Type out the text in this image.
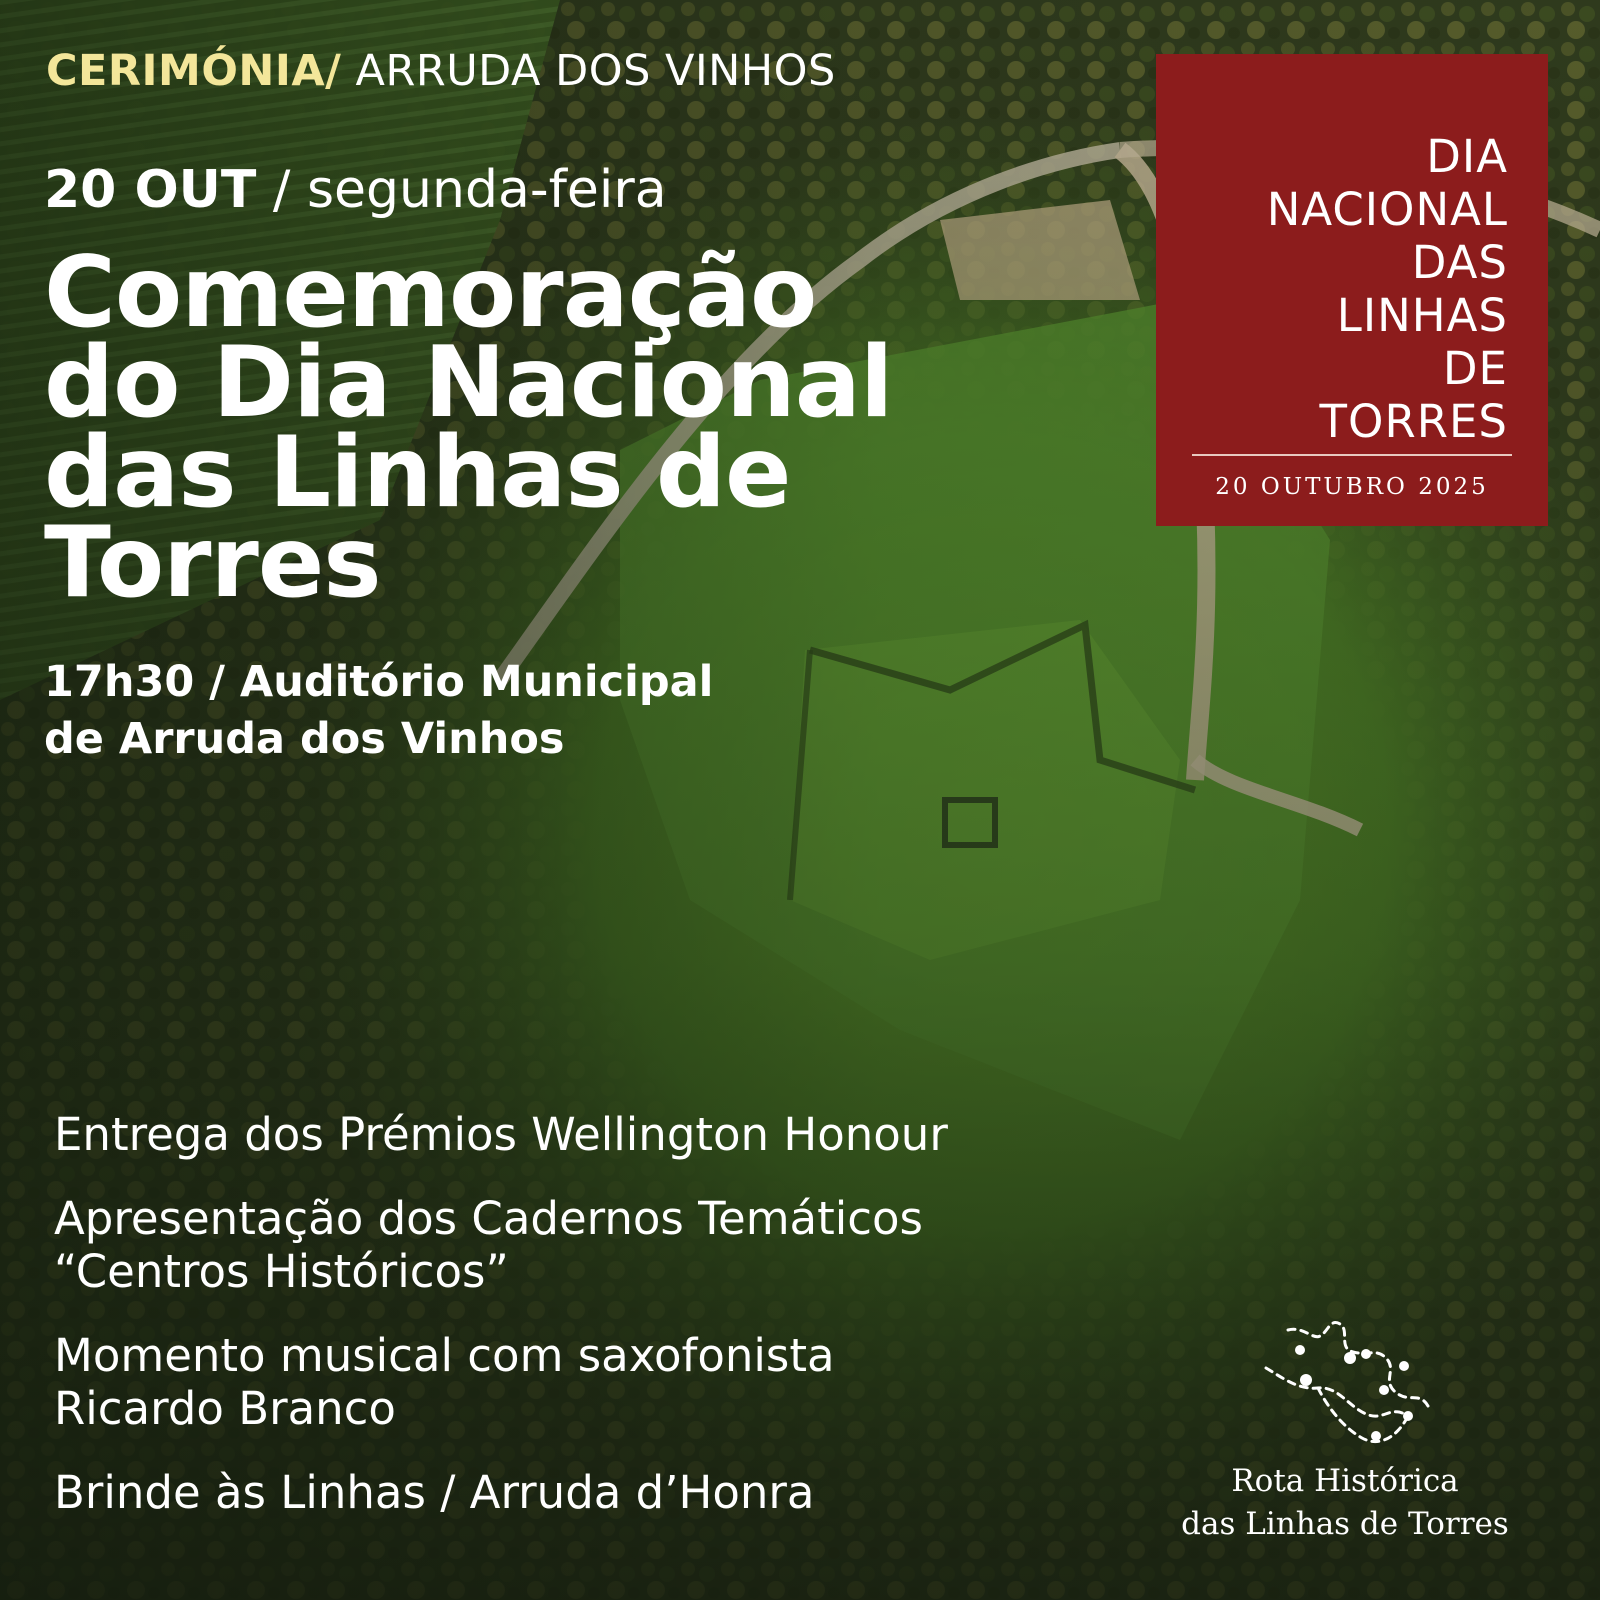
CERIMÓNIA/ ARRUDA DOS VINHOS
20 OUT / segunda-feira
Comemoração
do Dia Nacional
das Linhas de
Torres
17h30 / Auditório Municipal
de Arruda dos Vinhos
Entrega dos Prémios Wellington Honour
Apresentação dos Cadernos Temáticos
“Centros Históricos”
Momento musical com saxofonista
Ricardo Branco
Brinde às Linhas / Arruda d’Honra
DIA
NACIONAL
DAS
LINHAS
DE
TORRES
20 OUTUBRO 2025
Rota Histórica
das Linhas de Torres
